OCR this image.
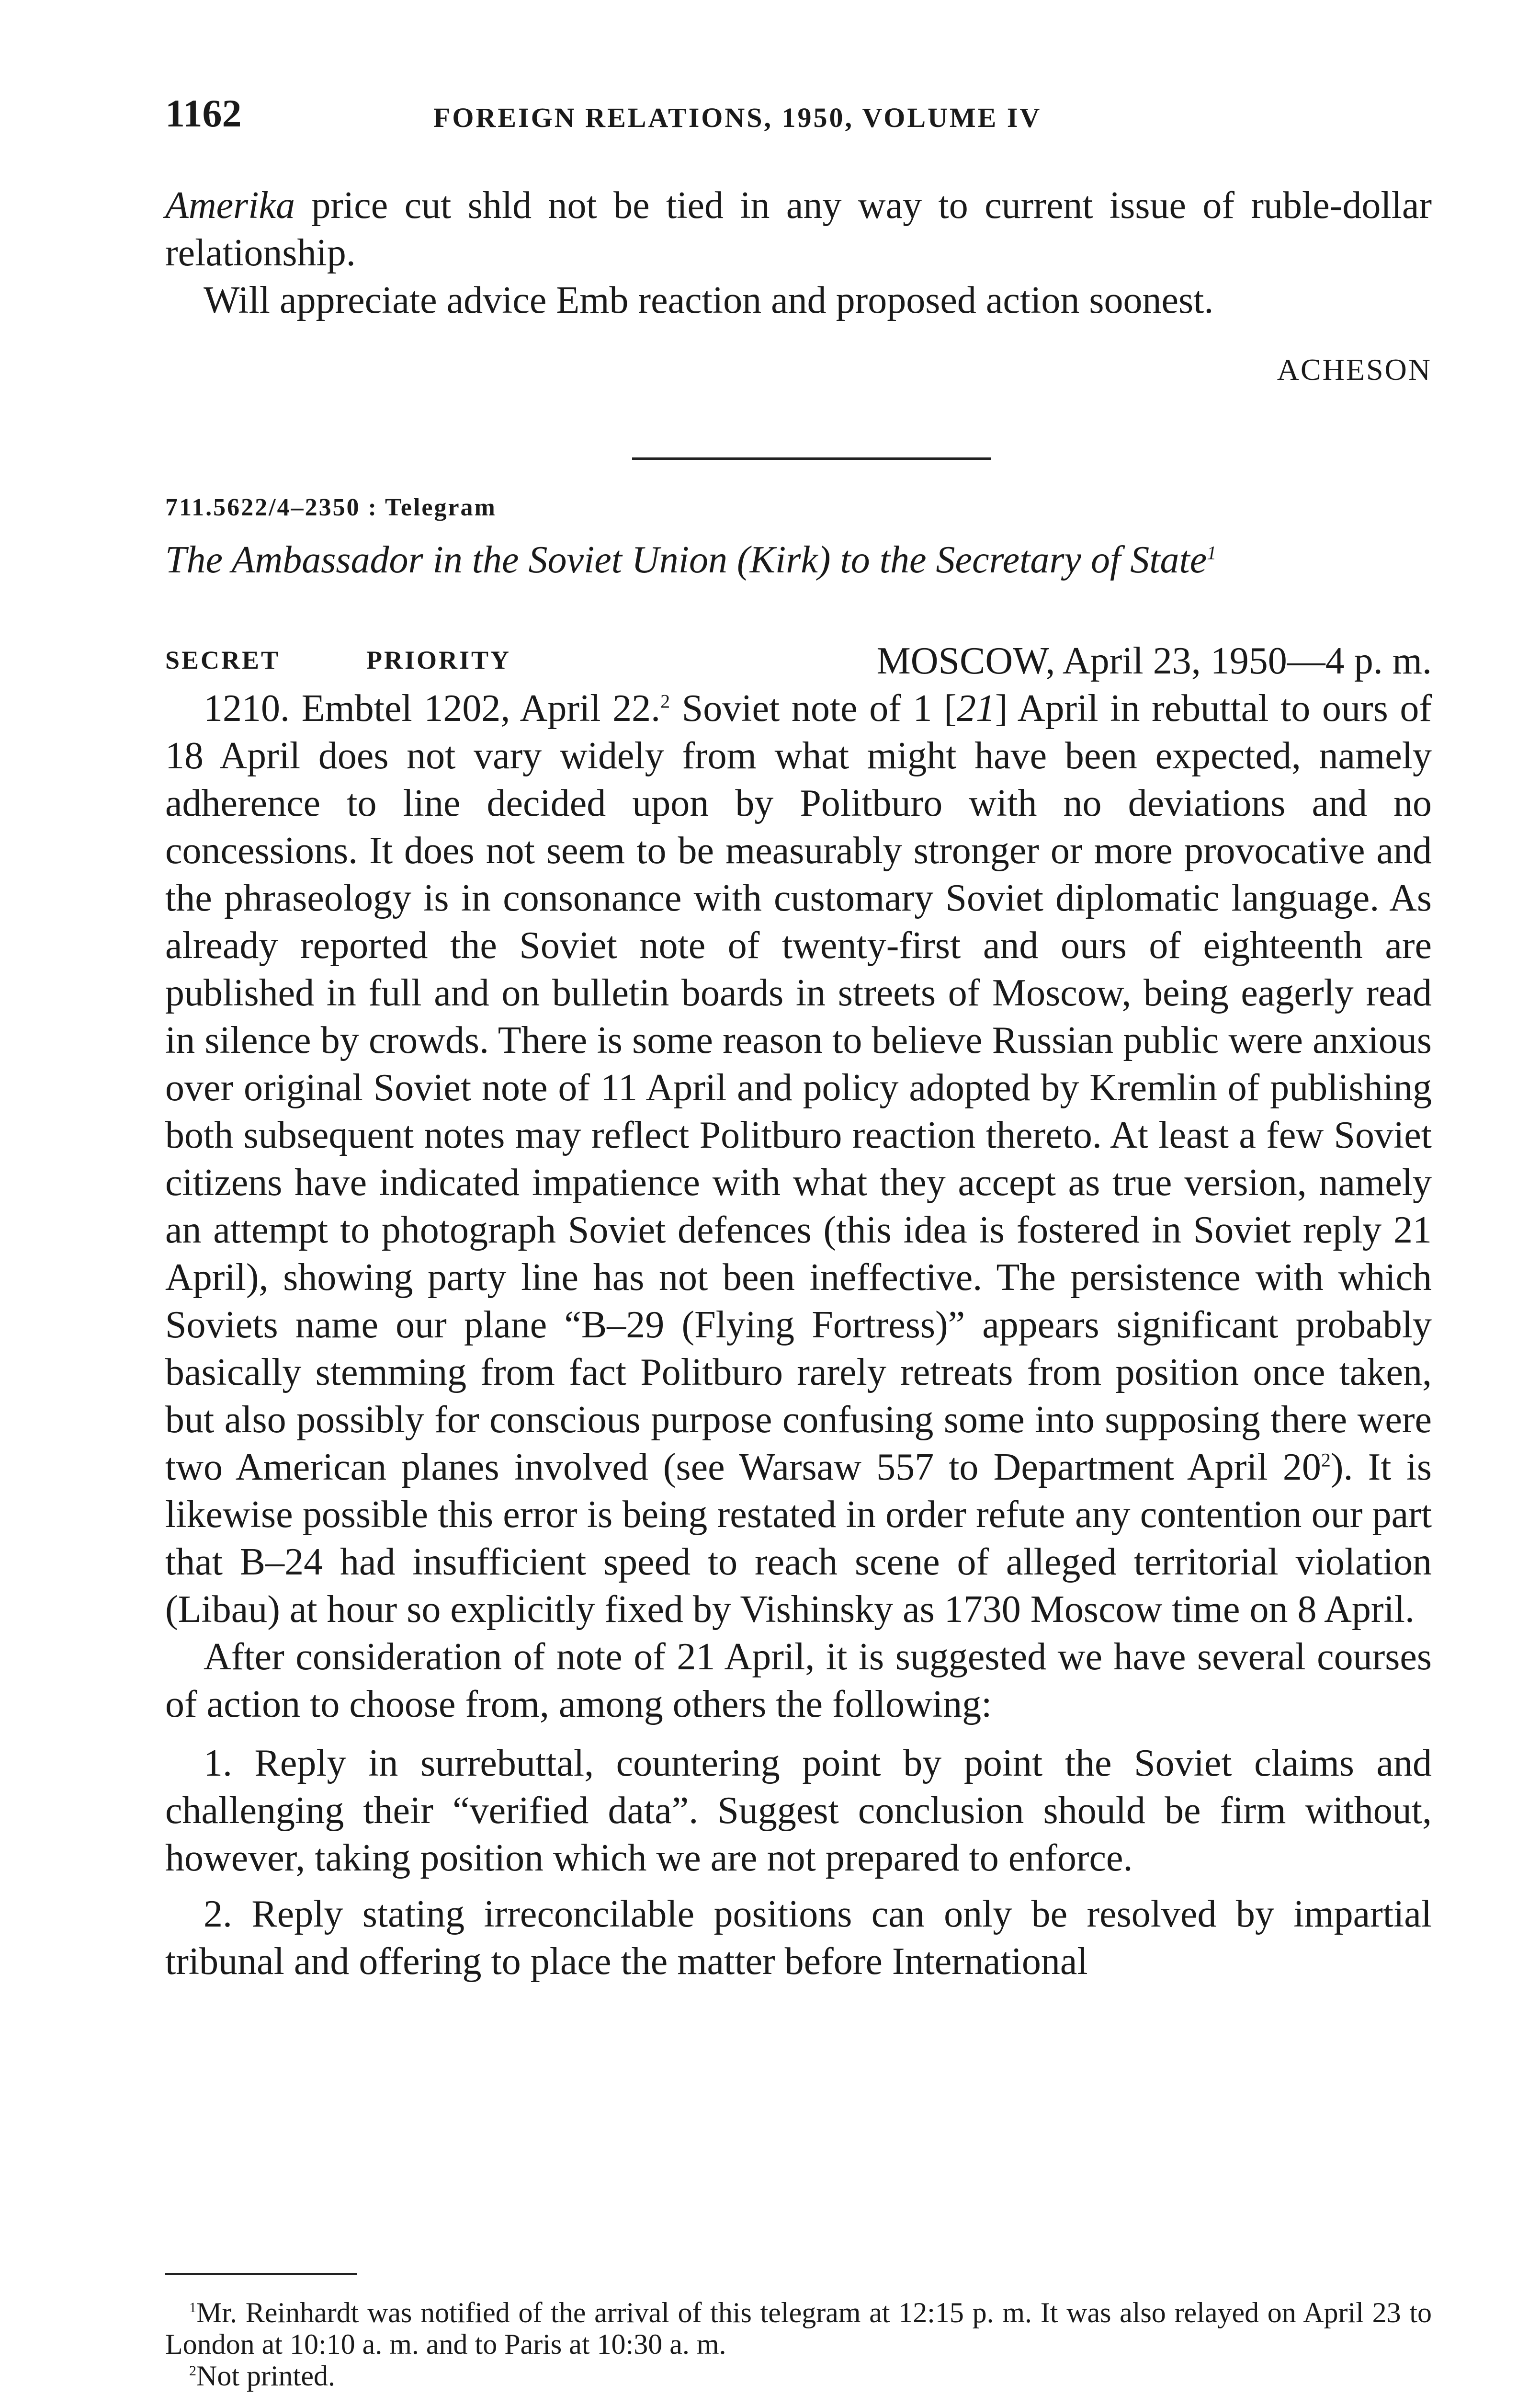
1162	FOREIGN RELATIONS, 1950, VOLUME IV

Amerika price cut shld not be tied in any way to current issue of ruble-dollar relationship.

Will appreciate advice Emb reaction and proposed action soonest.

ACHESON
711.5622/4–2350 : Telegram
The Ambassador in the Soviet Union (Kirk) to the Secretary of State$^1$
SECRET	PRIORITY	MOSCOW, April 23, 1950—4 p. m.

1210. Embtel 1202, April 22.$^2$ Soviet note of 1 [21] April in rebuttal to ours of 18 April does not vary widely from what might have been expected, namely adherence to line decided upon by Politburo with no deviations and no concessions. It does not seem to be measurably stronger or more provocative and the phraseology is in consonance with customary Soviet diplomatic language. As already reported the Soviet note of twenty-first and ours of eighteenth are published in full and on bulletin boards in streets of Moscow, being eagerly read in silence by crowds. There is some reason to believe Russian public were anxious over original Soviet note of 11 April and policy adopted by Kremlin of publishing both subsequent notes may reflect Politburo reaction thereto. At least a few Soviet citizens have indicated impatience with what they accept as true version, namely an attempt to photograph Soviet defences (this idea is fostered in Soviet reply 21 April), showing party line has not been ineffective. The persistence with which Soviets name our plane “B–29 (Flying Fortress)” appears significant probably basically stemming from fact Politburo rarely retreats from position once taken, but also possibly for conscious purpose confusing some into supposing there were two American planes involved (see Warsaw 557 to Department April $20^2$). It is likewise possible this error is being restated in order refute any contention our part that B–24 had insufficient speed to reach scene of alleged territorial violation (Libau) at hour so explicitly fixed by Vishinsky as 1730 Moscow time on 8 April.

After consideration of note of 21 April, it is suggested we have several courses of action to choose from, among others the following:

1. Reply in surrebuttal, countering point by point the Soviet claims and challenging their “verified data”. Suggest conclusion should be firm without, however, taking position which we are not prepared to enforce.

2. Reply stating irreconcilable positions can only be resolved by impartial tribunal and offering to place the matter before International

$^1$Mr. Reinhardt was notified of the arrival of this telegram at 12:15 p. m. It was also relayed on April 23 to London at 10:10 a. m. and to Paris at 10:30 a. m.

$^2$Not printed.
